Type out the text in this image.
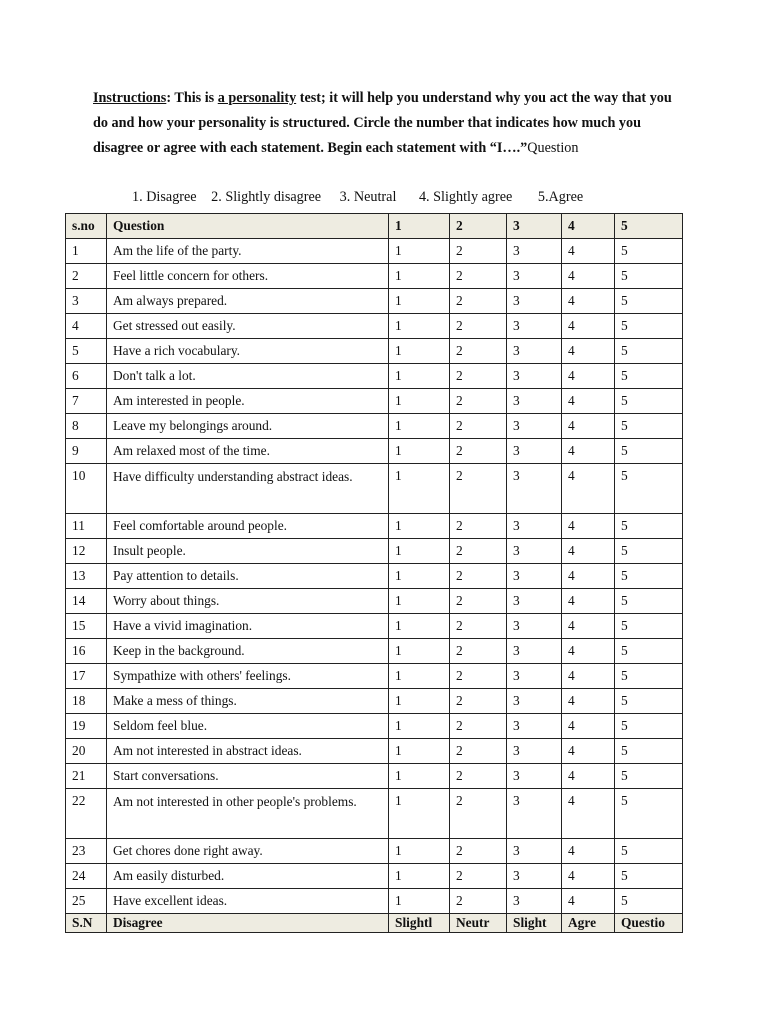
Instructions: This is a personality test; it will help you understand why you act the way that you do and how your personality is structured. Circle the number that indicates how much you disagree or agree with each statement. Begin each statement with “I….”Question
1. Disagree 2. Slightly disagree 3. Neutral 4. Slightly agree 5.Agree
s.no	Question	1	2	3	4	5
1	Am the life of the party.	1	2	3	4	5
2	Feel little concern for others.	1	2	3	4	5
3	Am always prepared.	1	2	3	4	5
4	Get stressed out easily.	1	2	3	4	5
5	Have a rich vocabulary.	1	2	3	4	5
6	Don't talk a lot.	1	2	3	4	5
7	Am interested in people.	1	2	3	4	5
8	Leave my belongings around.	1	2	3	4	5
9	Am relaxed most of the time.	1	2	3	4	5
10	Have difficulty understanding abstract ideas.	1	2	3	4	5
11	Feel comfortable around people.	1	2	3	4	5
12	Insult people.	1	2	3	4	5
13	Pay attention to details.	1	2	3	4	5
14	Worry about things.	1	2	3	4	5
15	Have a vivid imagination.	1	2	3	4	5
16	Keep in the background.	1	2	3	4	5
17	Sympathize with others' feelings.	1	2	3	4	5
18	Make a mess of things.	1	2	3	4	5
19	Seldom feel blue.	1	2	3	4	5
20	Am not interested in abstract ideas.	1	2	3	4	5
21	Start conversations.	1	2	3	4	5
22	Am not interested in other people's problems.	1	2	3	4	5
23	Get chores done right away.	1	2	3	4	5
24	Am easily disturbed.	1	2	3	4	5
25	Have excellent ideas.	1	2	3	4	5
S.N	Disagree	Slightl	Neutr	Slight	Agre	Questio
